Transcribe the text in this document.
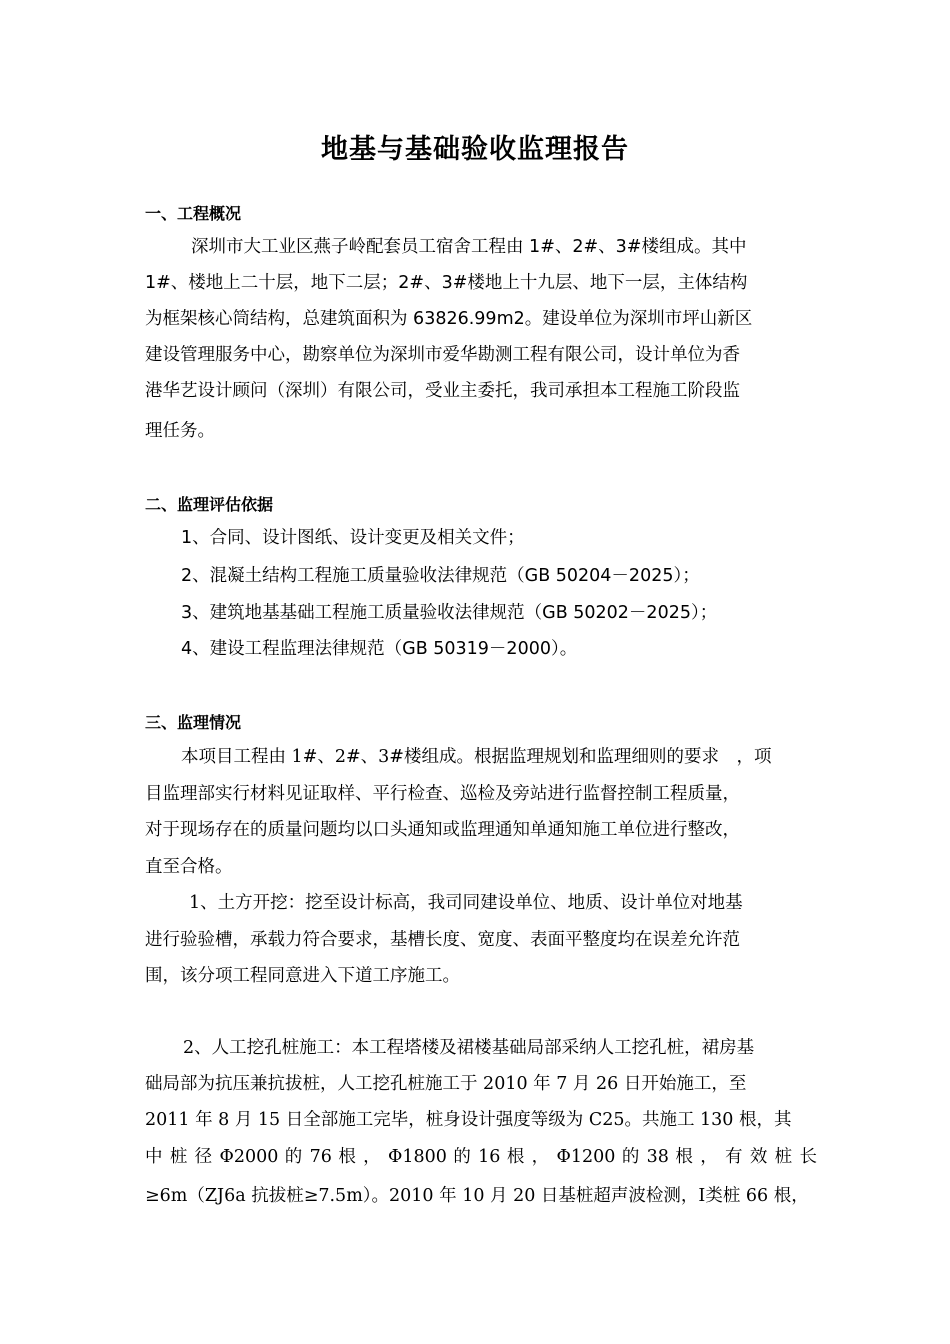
地基与基础验收监理报告
一、工程概况
深圳市大工业区燕子岭配套员工宿舍工程由 1#、2#、3#楼组成。其中
1#、楼地上二十层，地下二层；2#、3#楼地上十九层、地下一层，主体结构
为框架核心筒结构，总建筑面积为 63826.99m2。建设单位为深圳市坪山新区
建设管理服务中心，勘察单位为深圳市爱华勘测工程有限公司，设计单位为香
港华艺设计顾问（深圳）有限公司，受业主委托，我司承担本工程施工阶段监
理任务。
二、监理评估依据
1、合同、设计图纸、设计变更及相关文件；
2、混凝土结构工程施工质量验收法律规范（GB 50204－2025）；
3、建筑地基基础工程施工质量验收法律规范（GB 50202－2025）；
4、建设工程监理法律规范（GB 50319－2000）。
三、监理情况
本项目工程由 1#、2#、3#楼组成。根据监理规划和监理细则的要求　，项
目监理部实行材料见证取样、平行检查、巡检及旁站进行监督控制工程质量，
对于现场存在的质量问题均以口头通知或监理通知单通知施工单位进行整改，
直至合格。
1、土方开挖：挖至设计标高，我司同建设单位、地质、设计单位对地基
进行验验槽，承载力符合要求，基槽长度、宽度、表面平整度均在误差允许范
围，该分项工程同意进入下道工序施工。
2、人工挖孔桩施工：本工程塔楼及裙楼基础局部采纳人工挖孔桩，裙房基
础局部为抗压兼抗拔桩，人工挖孔桩施工于 2010 年 7 月 26 日开始施工，至
2011 年 8 月 15 日全部施工完毕，桩身设计强度等级为 C25。共施工 130 根，其
中 桩 径 Φ2000 的 76 根 ， Φ1800 的 16 根 ， Φ1200 的 38 根 ， 有 效 桩 长
≥6m（ZJ6a 抗拔桩≥7.5m）。2010 年 10 月 20 日基桩超声波检测，Ⅰ类桩 66 根，
